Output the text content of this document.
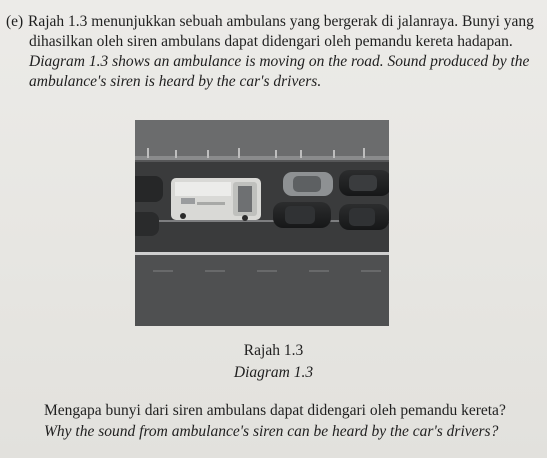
(e) Rajah 1.3 menunjukkan sebuah ambulans yang bergerak di jalanraya. Bunyi yang
dihasilkan oleh siren ambulans dapat didengari oleh pemandu kereta hadapan.
Diagram 1.3 shows an ambulance is moving on the road. Sound produced by the
ambulance's siren is heard by the car's drivers.
Rajah 1.3
Diagram 1.3
Mengapa bunyi dari siren ambulans dapat didengari oleh pemandu kereta?
Why the sound from ambulance's siren can be heard by the car's drivers?
